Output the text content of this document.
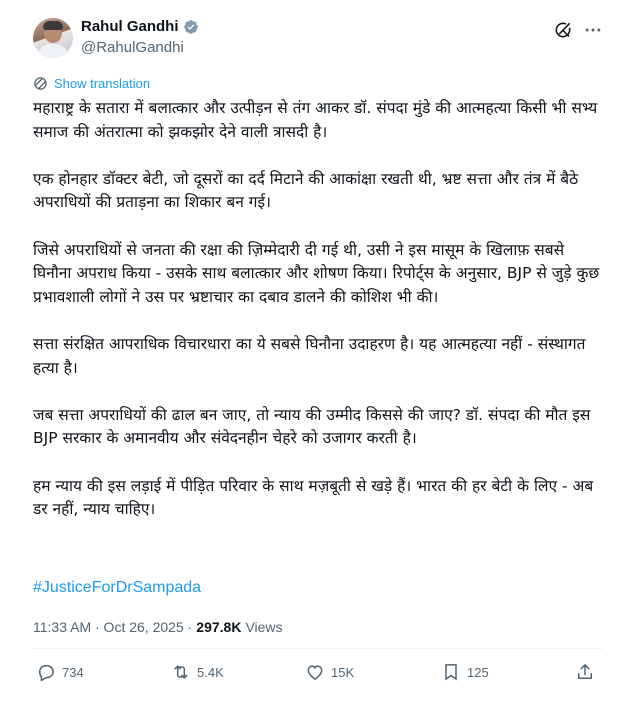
Rahul Gandhi
@RahulGandhi
Show translation

महाराष्ट्र के सतारा में बलात्कार और उत्पीड़न से तंग आकर डॉ. संपदा मुंडे की आत्महत्या किसी भी सभ्य समाज की अंतरात्मा को झकझोर देने वाली त्रासदी है।

एक होनहार डॉक्टर बेटी, जो दूसरों का दर्द मिटाने की आकांक्षा रखती थी, भ्रष्ट सत्ता और तंत्र में बैठे अपराधियों की प्रताड़ना का शिकार बन गई।

जिसे अपराधियों से जनता की रक्षा की ज़िम्मेदारी दी गई थी, उसी ने इस मासूम के खिलाफ़ सबसे घिनौना अपराध किया - उसके साथ बलात्कार और शोषण किया। रिपोर्ट्स के अनुसार, BJP से जुड़े कुछ प्रभावशाली लोगों ने उस पर भ्रष्टाचार का दबाव डालने की कोशिश भी की।

सत्ता संरक्षित आपराधिक विचारधारा का ये सबसे घिनौना उदाहरण है। यह आत्महत्या नहीं - संस्थागत हत्या है।

जब सत्ता अपराधियों की ढाल बन जाए, तो न्याय की उम्मीद किससे की जाए? डॉ. संपदा की मौत इस BJP सरकार के अमानवीय और संवेदनहीन चेहरे को उजागर करती है।

हम न्याय की इस लड़ाई में पीड़ित परिवार के साथ मज़बूती से खड़े हैं। भारत की हर बेटी के लिए - अब डर नहीं, न्याय चाहिए।

#JusticeForDrSampada
11:33 AM · Oct 26, 2025 · 297.8K Views
734	5.4K	15K	125
